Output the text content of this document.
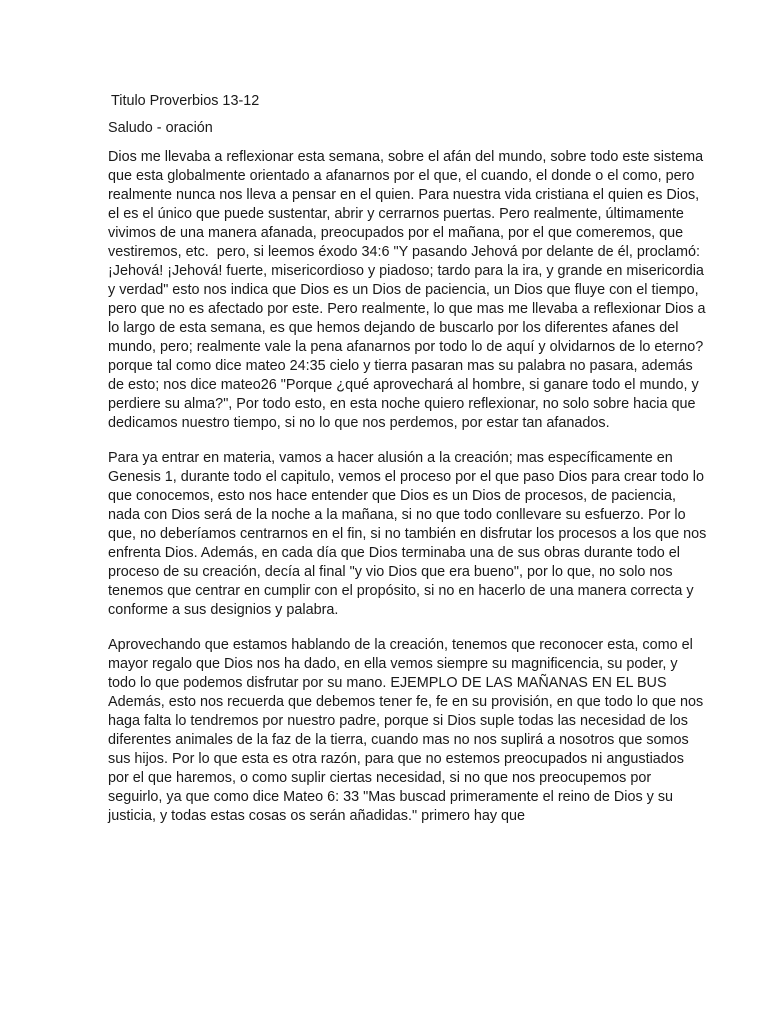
Titulo Proverbios 13-12

Saludo - oración

Dios me llevaba a reflexionar esta semana, sobre el afán del mundo, sobre todo este sistema que esta globalmente orientado a afanarnos por el que, el cuando, el donde o el como, pero realmente nunca nos lleva a pensar en el quien. Para nuestra vida cristiana el quien es Dios, el es el único que puede sustentar, abrir y cerrarnos puertas. Pero realmente, últimamente vivimos de una manera afanada, preocupados por el mañana, por el que comeremos, que vestiremos, etc.  pero, si leemos éxodo 34:6 "Y pasando Jehová por delante de él, proclamó: ¡Jehová! ¡Jehová! fuerte, misericordioso y piadoso; tardo para la ira, y grande en misericordia y verdad" esto nos indica que Dios es un Dios de paciencia, un Dios que fluye con el tiempo, pero que no es afectado por este. Pero realmente, lo que mas me llevaba a reflexionar Dios a lo largo de esta semana, es que hemos dejando de buscarlo por los diferentes afanes del mundo, pero; realmente vale la pena afanarnos por todo lo de aquí y olvidarnos de lo eterno? porque tal como dice mateo 24:35 cielo y tierra pasaran mas su palabra no pasara, además de esto; nos dice mateo26 "Porque ¿qué aprovechará al hombre, si ganare todo el mundo, y perdiere su alma?", Por todo esto, en esta noche quiero reflexionar, no solo sobre hacia que dedicamos nuestro tiempo, si no lo que nos perdemos, por estar tan afanados.

Para ya entrar en materia, vamos a hacer alusión a la creación; mas específicamente en Genesis 1, durante todo el capitulo, vemos el proceso por el que paso Dios para crear todo lo que conocemos, esto nos hace entender que Dios es un Dios de procesos, de paciencia, nada con Dios será de la noche a la mañana, si no que todo conllevare su esfuerzo. Por lo que, no deberíamos centrarnos en el fin, si no también en disfrutar los procesos a los que nos enfrenta Dios. Además, en cada día que Dios terminaba una de sus obras durante todo el proceso de su creación, decía al final "y vio Dios que era bueno", por lo que, no solo nos tenemos que centrar en cumplir con el propósito, si no en hacerlo de una manera correcta y conforme a sus designios y palabra.

Aprovechando que estamos hablando de la creación, tenemos que reconocer esta, como el mayor regalo que Dios nos ha dado, en ella vemos siempre su magnificencia, su poder, y todo lo que podemos disfrutar por su mano. EJEMPLO DE LAS MAÑANAS EN EL BUS Además, esto nos recuerda que debemos tener fe, fe en su provisión, en que todo lo que nos haga falta lo tendremos por nuestro padre, porque si Dios suple todas las necesidad de los diferentes animales de la faz de la tierra, cuando mas no nos suplirá a nosotros que somos sus hijos. Por lo que esta es otra razón, para que no estemos preocupados ni angustiados por el que haremos, o como suplir ciertas necesidad, si no que nos preocupemos por seguirlo, ya que como dice Mateo 6: 33 "Mas buscad primeramente el reino de Dios y su justicia, y todas estas cosas os serán añadidas." primero hay que
